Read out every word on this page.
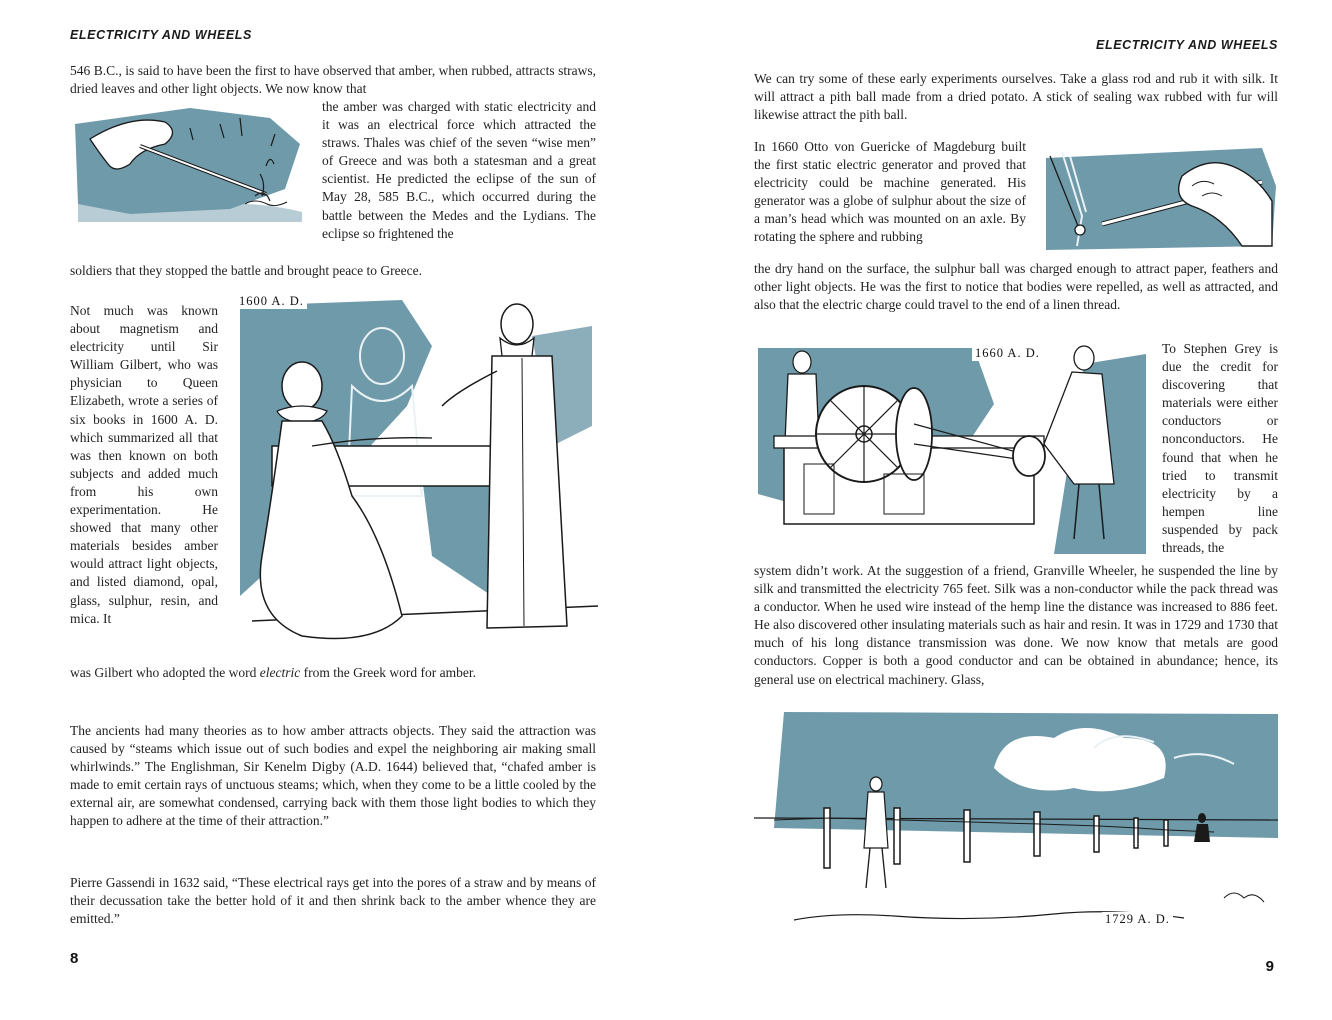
ELECTRICITY AND WHEELS

546 B.C., is said to have been the first to have observed that amber, when rubbed, attracts straws, dried leaves and other light objects. We now know that

the amber was charged with static electricity and it was an electrical force which attracted the straws. Thales was chief of the seven “wise men” of Greece and was both a statesman and a great scientist. He predicted the eclipse of the sun of May 28, 585 B.C., which occurred during the battle between the Medes and the Lydians. The eclipse so frightened the

soldiers that they stopped the battle and brought peace to Greece.

Not much was known about magnetism and electricity until Sir William Gilbert, who was physician to Queen Elizabeth, wrote a series of six books in 1600 A. D. which summarized all that was then known on both subjects and added much from his own experimentation. He showed that many other materials besides amber would attract light objects, and listed diamond, opal, glass, sulphur, resin, and mica. It

1600 A. D.

was Gilbert who adopted the word electric from the Greek word for amber.

The ancients had many theories as to how amber attracts objects. They said the attraction was caused by “steams which issue out of such bodies and expel the neighboring air making small whirlwinds.” The Englishman, Sir Kenelm Digby (A.D. 1644) believed that, “chafed amber is made to emit certain rays of unctuous steams; which, when they come to be a little cooled by the external air, are somewhat condensed, carrying back with them those light bodies to which they happen to adhere at the time of their attraction.”

Pierre Gassendi in 1632 said, “These electrical rays get into the pores of a straw and by means of their decussation take the better hold of it and then shrink back to the amber whence they are emitted.”

8
ELECTRICITY AND WHEELS

We can try some of these early experiments ourselves. Take a glass rod and rub it with silk. It will attract a pith ball made from a dried potato. A stick of sealing wax rubbed with fur will likewise attract the pith ball.

In 1660 Otto von Guericke of Magdeburg built the first static electric generator and proved that electricity could be machine generated. His generator was a globe of sulphur about the size of a man’s head which was mounted on an axle. By rotating the sphere and rubbing

the dry hand on the surface, the sulphur ball was charged enough to attract paper, feathers and other light objects. He was the first to notice that bodies were repelled, as well as attracted, and also that the electric charge could travel to the end of a linen thread.

1660 A. D.	To Stephen Grey is due the credit for discovering that materials were either conductors or nonconductors. He found that when he tried to transmit electricity by a hempen line suspended by pack threads, the

system didn’t work. At the suggestion of a friend, Granville Wheeler, he suspended the line by silk and transmitted the electricity 765 feet. Silk was a non-conductor while the pack thread was a conductor. When he used wire instead of the hemp line the distance was increased to 886 feet. He also discovered other insulating materials such as hair and resin. It was in 1729 and 1730 that much of his long distance transmission was done. We now know that metals are good conductors. Copper is both a good conductor and can be obtained in abundance; hence, its general use on electrical machinery. Glass,

1729 A. D.
9
